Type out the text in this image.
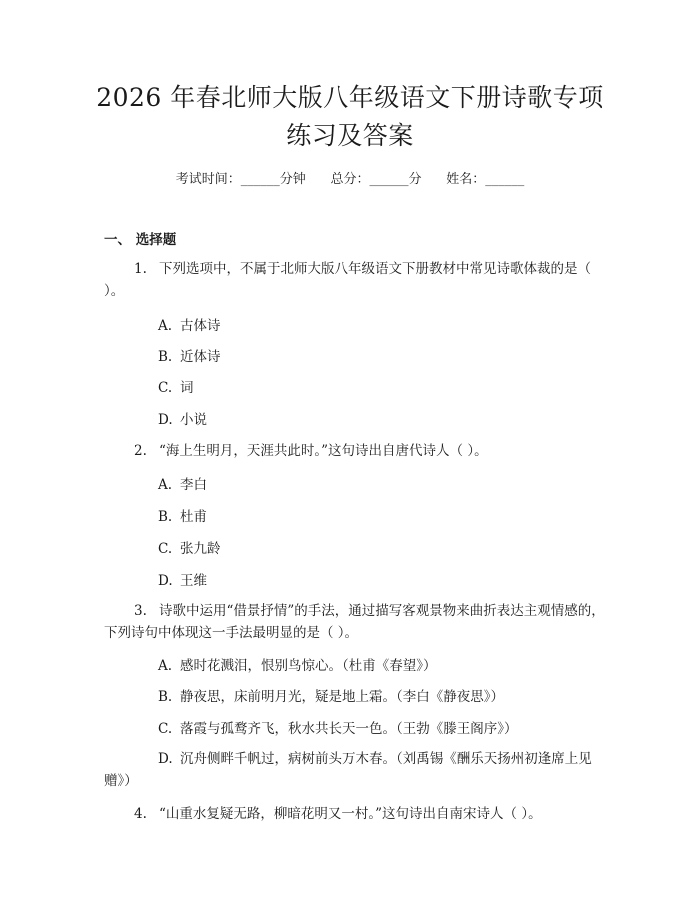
2026 年春北师大版八年级语文下册诗歌专项
练习及答案
考试时间：______分钟      总分：______分      姓名：______
一、 选择题
1. 下列选项中，不属于北师大版八年级语文下册教材中常见诗歌体裁的是（ ）。
A. 古体诗
B. 近体诗
C. 词
D. 小说
2. “海上生明月，天涯共此时。”这句诗出自唐代诗人（ ）。
A. 李白
B. 杜甫
C. 张九龄
D. 王维
3. 诗歌中运用“借景抒情”的手法，通过描写客观景物来曲折表达主观情感的，下列诗句中体现这一手法最明显的是（ ）。
A. 感时花溅泪，恨别鸟惊心。（杜甫《春望》）
B. 静夜思，床前明月光，疑是地上霜。（李白《静夜思》）
C. 落霞与孤鹜齐飞，秋水共长天一色。（王勃《滕王阁序》）
D. 沉舟侧畔千帆过，病树前头万木春。（刘禹锡《酬乐天扬州初逢席上见赠》）
4. “山重水复疑无路，柳暗花明又一村。”这句诗出自南宋诗人（ ）。
